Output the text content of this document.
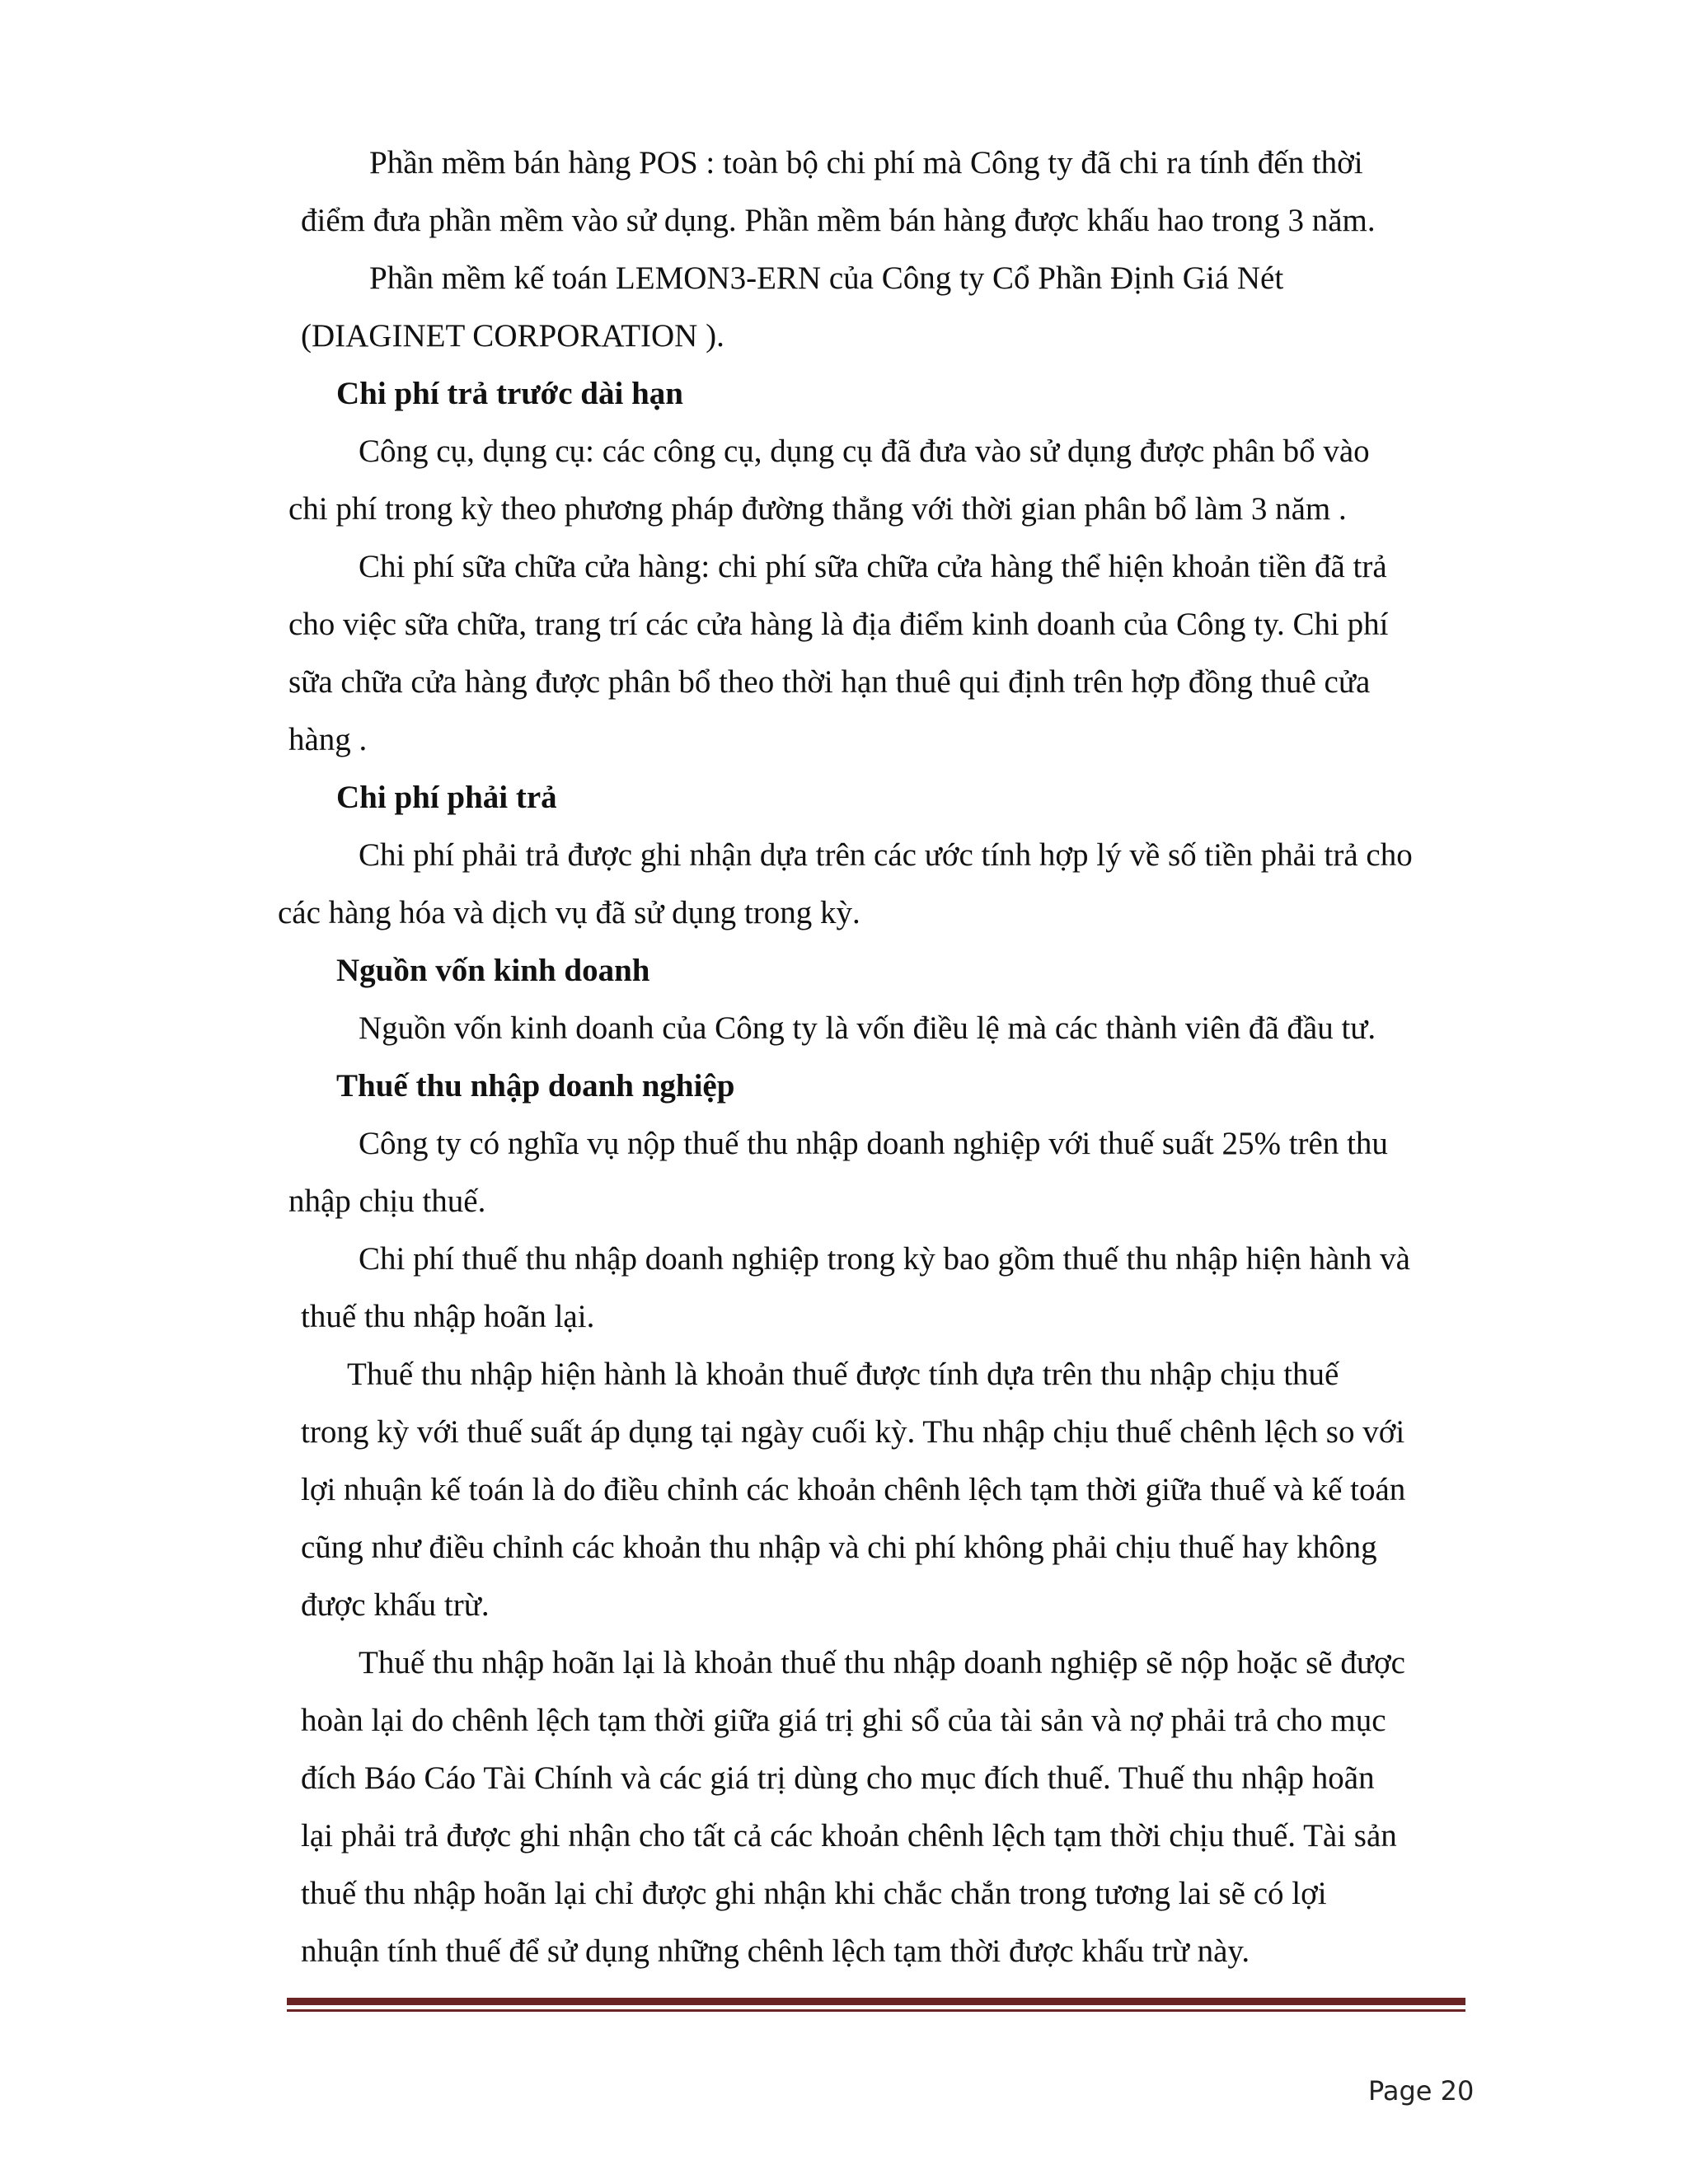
Phần mềm bán hàng POS : toàn bộ chi phí mà Công ty đã chi ra tính đến thời
điểm đưa phần mềm vào sử dụng. Phần mềm bán hàng được khấu hao trong 3 năm.
Phần mềm kế toán LEMON3-ERN của Công ty Cổ Phần Định Giá Nét
(DIAGINET CORPORATION ).
Chi phí trả trước dài hạn
Công cụ, dụng cụ: các công cụ, dụng cụ đã đưa vào sử dụng được phân bổ vào
chi phí trong kỳ theo phương pháp đường thẳng với thời gian phân bổ làm 3 năm .
Chi phí sữa chữa cửa hàng: chi phí sữa chữa cửa hàng thể hiện khoản tiền đã trả
cho việc sữa chữa, trang trí các cửa hàng là địa điểm kinh doanh của Công ty. Chi phí
sữa chữa cửa hàng được phân bổ theo thời hạn thuê qui định trên hợp đồng thuê cửa
hàng .
Chi phí phải trả
Chi phí phải trả được ghi nhận dựa trên các ước tính hợp lý về số tiền phải trả cho
các hàng hóa và dịch vụ đã sử dụng trong kỳ.
Nguồn vốn kinh doanh
Nguồn vốn kinh doanh của Công ty là vốn điều lệ mà các thành viên đã đầu tư.
Thuế thu nhập doanh nghiệp
Công ty có nghĩa vụ nộp thuế thu nhập doanh nghiệp với thuế suất 25% trên thu
nhập chịu thuế.
Chi phí thuế thu nhập doanh nghiệp trong kỳ bao gồm thuế thu nhập hiện hành và
thuế thu nhập hoãn lại.
Thuế thu nhập hiện hành là khoản thuế được tính dựa trên thu nhập chịu thuế
trong kỳ với thuế suất áp dụng tại ngày cuối kỳ. Thu nhập chịu thuế chênh lệch so với
lợi nhuận kế toán là do điều chỉnh các khoản chênh lệch tạm thời giữa thuế và kế toán
cũng như điều chỉnh các khoản thu nhập và chi phí không phải chịu thuế hay không
được khấu trừ.
Thuế thu nhập hoãn lại là khoản thuế thu nhập doanh nghiệp sẽ nộp hoặc sẽ được
hoàn lại do chênh lệch tạm thời giữa giá trị ghi sổ của tài sản và nợ phải trả cho mục
đích Báo Cáo Tài Chính và các giá trị dùng cho mục đích thuế. Thuế thu nhập hoãn
lại phải trả được ghi nhận cho tất cả các khoản chênh lệch tạm thời chịu thuế. Tài sản
thuế thu nhập hoãn lại chỉ được ghi nhận khi chắc chắn trong tương lai sẽ có lợi
nhuận tính thuế để sử dụng những chênh lệch tạm thời được khấu trừ này.
Page 20
